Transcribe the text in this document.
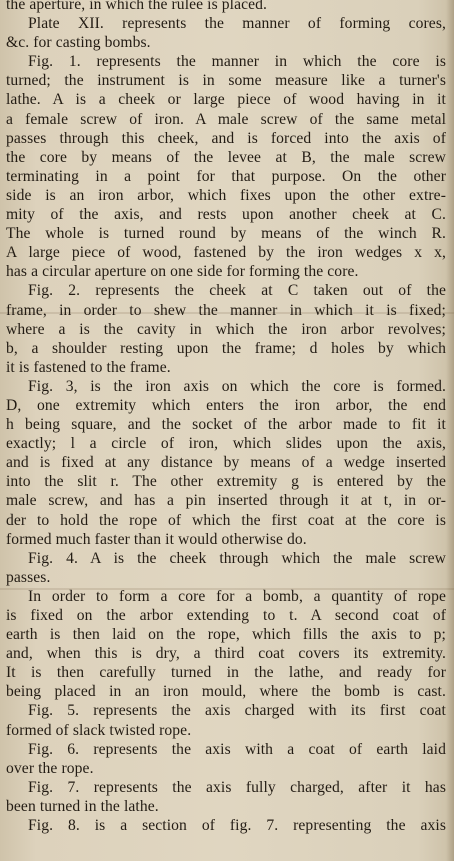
the aperture, in which the rulee is placed.
Plate XII. represents the manner of forming cores,
&c. for casting bombs.
Fig. 1. represents the manner in which the core is
turned; the instrument is in some measure like a turner's
lathe. A is a cheek or large piece of wood having in it
a female screw of iron. A male screw of the same metal
passes through this cheek, and is forced into the axis of
the core by means of the levee at B, the male screw
terminating in a point for that purpose. On the other
side is an iron arbor, which fixes upon the other extre-
mity of the axis, and rests upon another cheek at C.
The whole is turned round by means of the winch R.
A large piece of wood, fastened by the iron wedges x x,
has a circular aperture on one side for forming the core.
Fig. 2. represents the cheek at C taken out of the
frame, in order to shew the manner in which it is fixed;
where a is the cavity in which the iron arbor revolves;
b, a shoulder resting upon the frame; d holes by which
it is fastened to the frame.
Fig. 3, is the iron axis on which the core is formed.
D, one extremity which enters the iron arbor, the end
h being square, and the socket of the arbor made to fit it
exactly; l a circle of iron, which slides upon the axis,
and is fixed at any distance by means of a wedge inserted
into the slit r. The other extremity g is entered by the
male screw, and has a pin inserted through it at t, in or-
der to hold the rope of which the first coat at the core is
formed much faster than it would otherwise do.
Fig. 4. A is the cheek through which the male screw
passes.
In order to form a core for a bomb, a quantity of rope
is fixed on the arbor extending to t. A second coat of
earth is then laid on the rope, which fills the axis to p;
and, when this is dry, a third coat covers its extremity.
It is then carefully turned in the lathe, and ready for
being placed in an iron mould, where the bomb is cast.
Fig. 5. represents the axis charged with its first coat
formed of slack twisted rope.
Fig. 6. represents the axis with a coat of earth laid
over the rope.
Fig. 7. represents the axis fully charged, after it has
been turned in the lathe.
Fig. 8. is a section of fig. 7. representing the axis
